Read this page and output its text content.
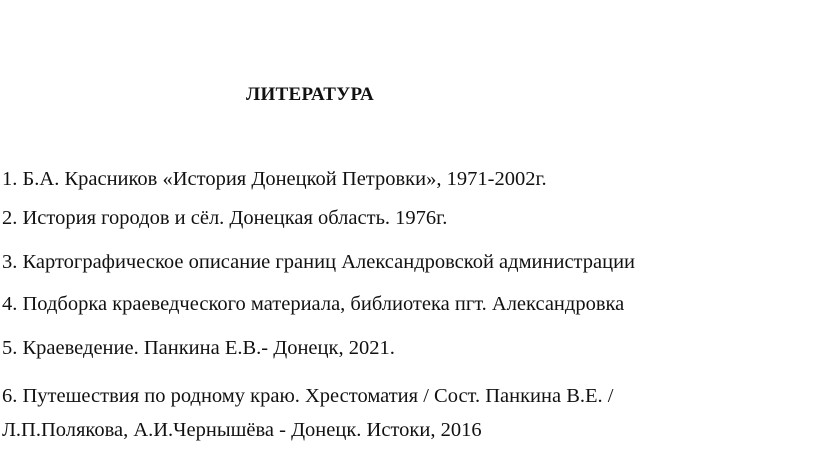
ЛИТЕРАТУРА
1. Б.А. Красников «История Донецкой Петровки», 1971-2002г.
2. История городов и сёл. Донецкая область. 1976г.
3. Картографическое описание границ Александровской администрации
4. Подборка краеведческого материала, библиотека пгт. Александровка
5. Краеведение. Панкина Е.В.- Донецк, 2021.
6. Путешествия по родному краю. Хрестоматия / Сост. Панкина В.Е. /
Л.П.Полякова, А.И.Чернышёва - Донецк. Истоки, 2016
